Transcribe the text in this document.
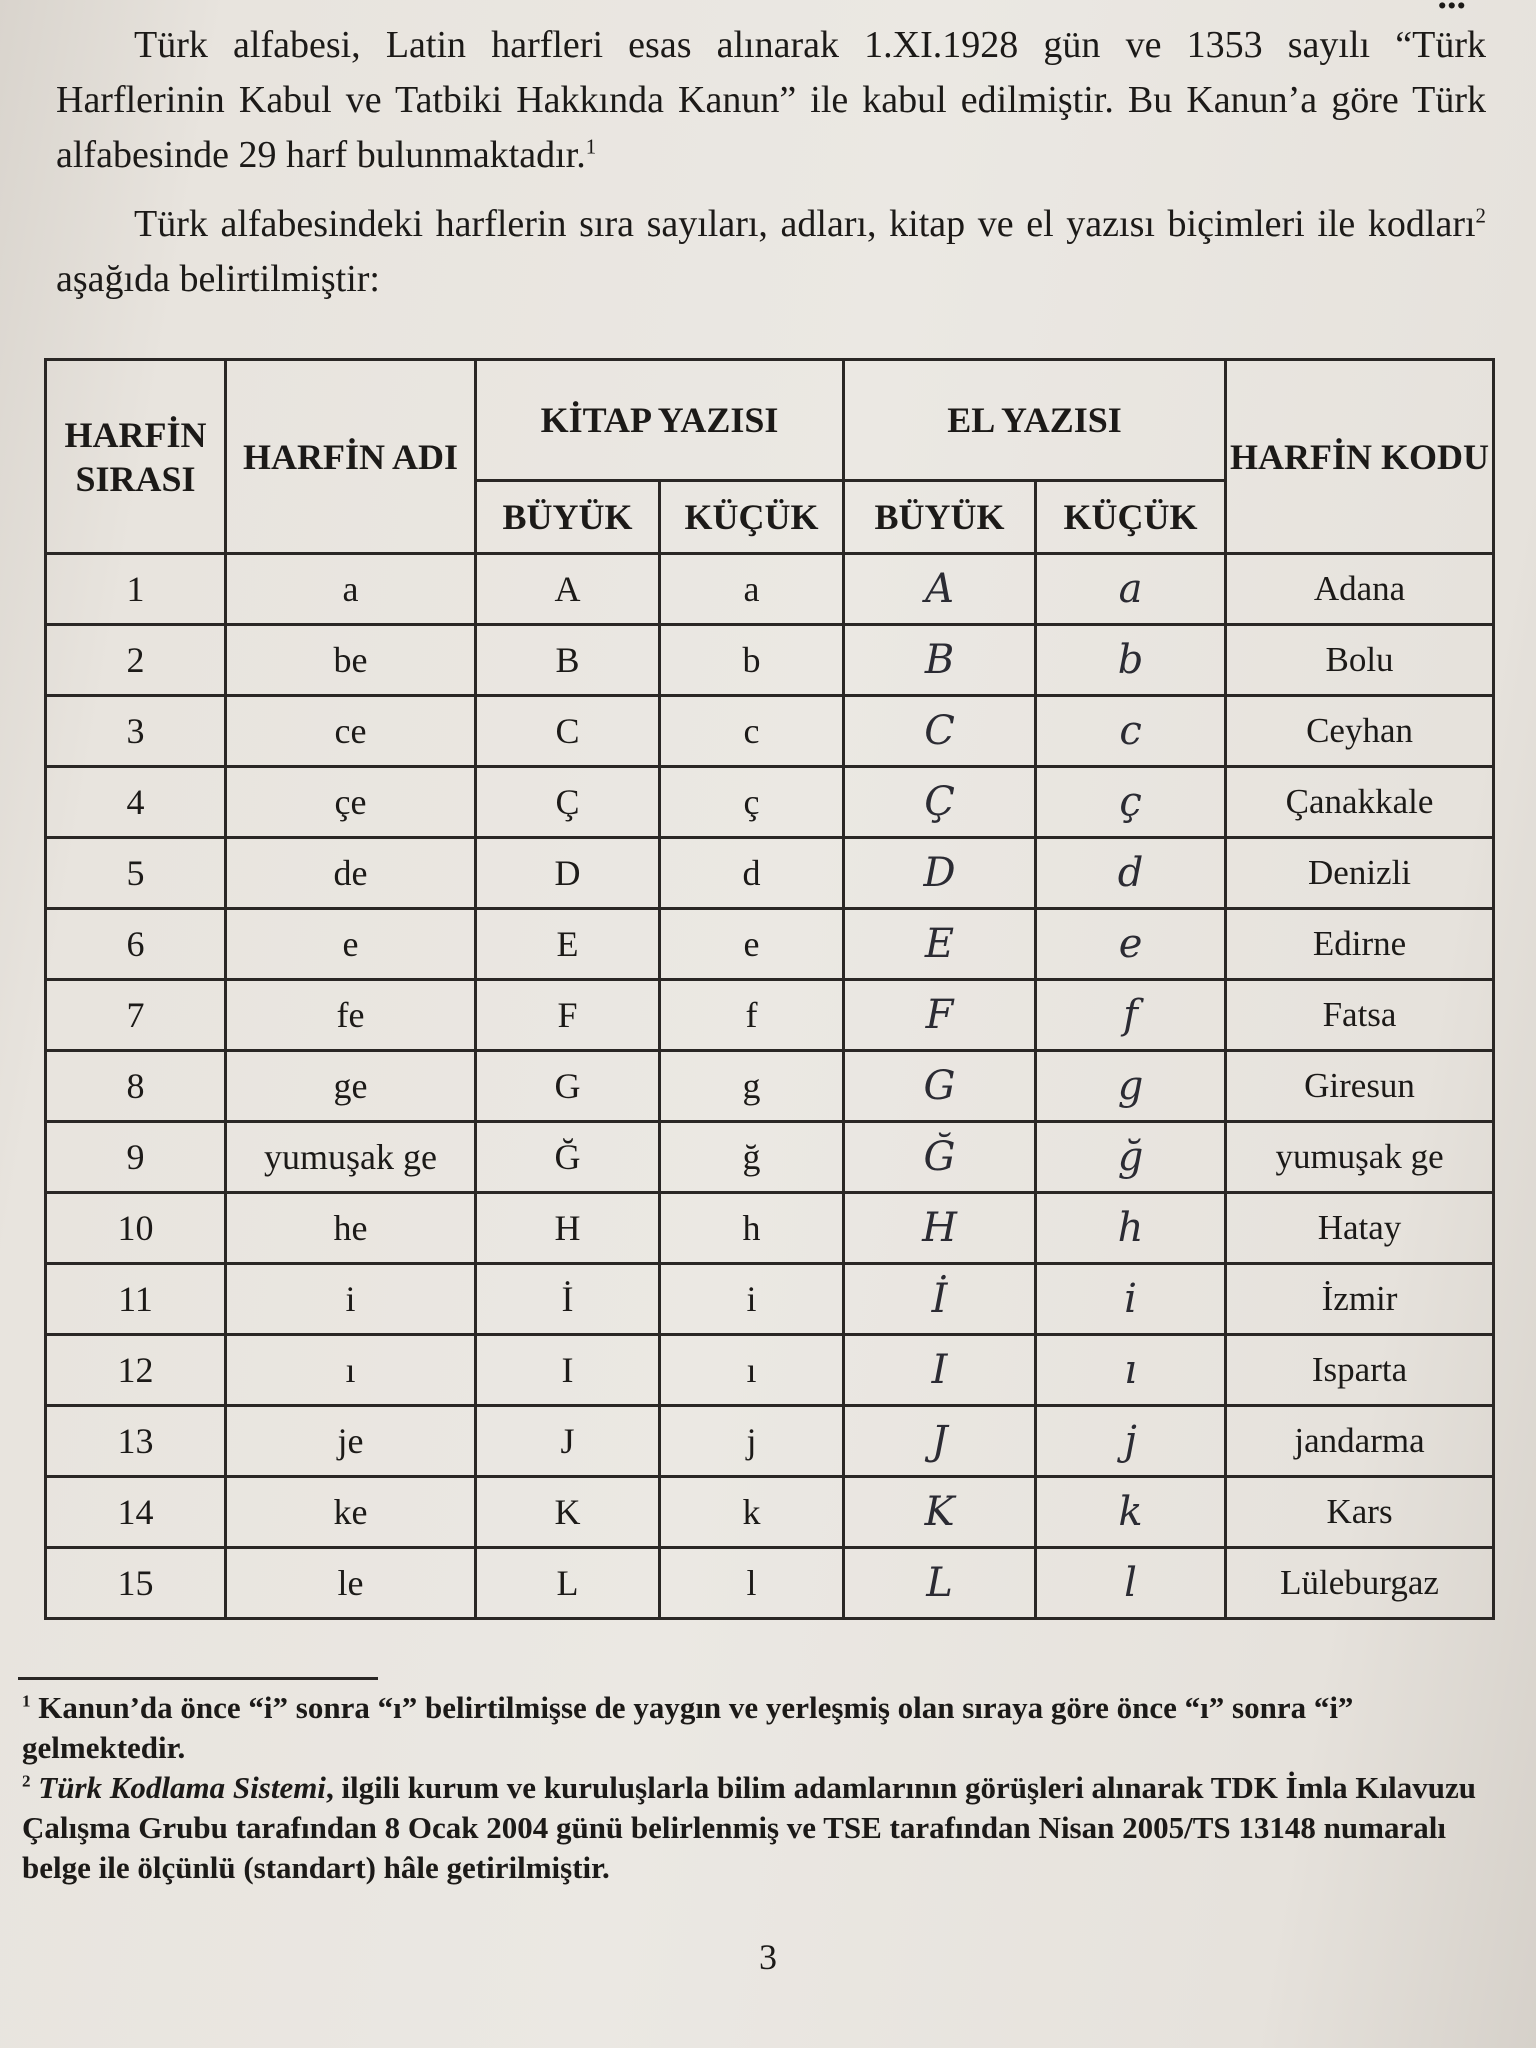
Türk alfabesi, Latin harfleri esas alınarak 1.XI.1928 gün ve 1353 sayılı “Türk Harflerinin Kabul ve Tatbiki Hakkında Kanun” ile kabul edilmiştir. Bu Kanun’a göre Türk alfabesinde 29 harf bulunmaktadır.$^1$

Türk alfabesindeki harflerin sıra sayıları, adları, kitap ve el yazısı biçimleri ile kodları$^2$ aşağıda belirtilmiştir:

HARFİN SIRASI	HARFİN ADI	KİTAP YAZISI		EL YAZISI		HARFİN KODU
		BÜYÜK	KÜÇÜK	BÜYÜK	KÜÇÜK	
1	a	A	a	A	a	Adana
2	be	B	b	B	b	Bolu
3	ce	C	c	C	c	Ceyhan
4	çe	Ç	ç	Ç	ç	Çanakkale
5	de	D	d	D	d	Denizli
6	e	E	e	E	e	Edirne
7	fe	F	f	F	f	Fatsa
8	ge	G	g	G	g	Giresun
9	yumuşak ge	Ğ	ğ	Ğ	ğ	yumuşak ge
10	he	H	h	H	h	Hatay
11	i	İ	i	İ	i	İzmir
12	ı	I	ı	I	ı	Isparta
13	je	J	j	J	j	jandarma
14	ke	K	k	K	k	Kars
15	le	L	l	L	l	Lüleburgaz

$^1$ Kanun’da önce “i” sonra “ı” belirtilmişse de yaygın ve yerleşmiş olan sıraya göre önce “ı” sonra “i” gelmektedir.

$^2$ Türk Kodlama Sistemi, ilgili kurum ve kuruluşlarla bilim adamlarının görüşleri alınarak TDK İmla Kılavuzu Çalışma Grubu tarafından 8 Ocak 2004 günü belirlenmiş ve TSE tarafından Nisan 2005/TS 13148 numaralı belge ile ölçünlü (standart) hâle getirilmiştir.

3
